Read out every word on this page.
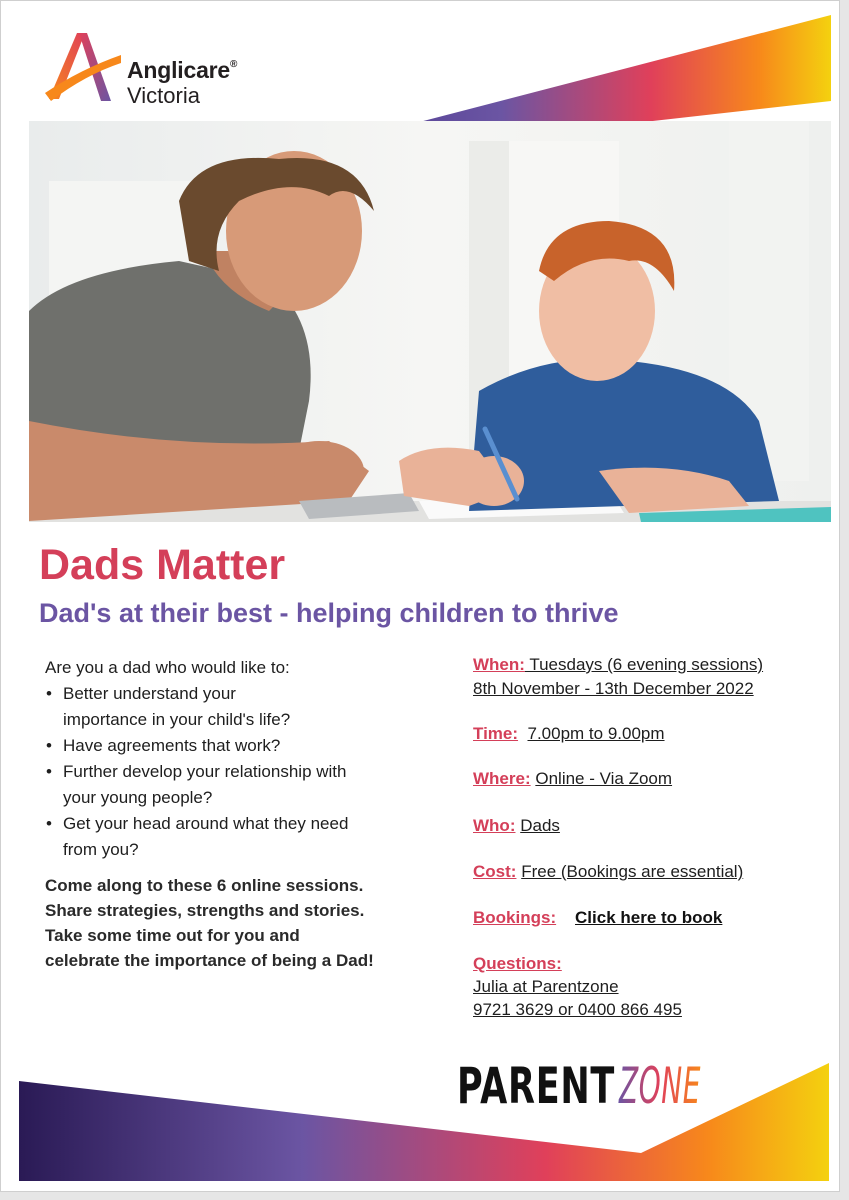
Anglicare®
Victoria
Dads Matter
Dad's at their best - helping children to thrive

Are you a dad who would like to:

• Better understand your
importance in your child's life?
• Have agreements that work?
• Further develop your relationship with
your young people?
• Get your head around what they need
from you?

Come along to these 6 online sessions. Share strategies, strengths and stories. Take some time out for you and celebrate the importance of being a Dad!

When: Tuesdays (6 evening sessions)
8th November - 13th December 2022
Time: 7.00pm to 9.00pm
Where: Online - Via Zoom
Who: Dads
Cost: Free (Bookings are essential)
Bookings: Click here to book
Questions:
Julia at Parentzone
9721 3629 or 0400 866 495
PARENT ZONE
